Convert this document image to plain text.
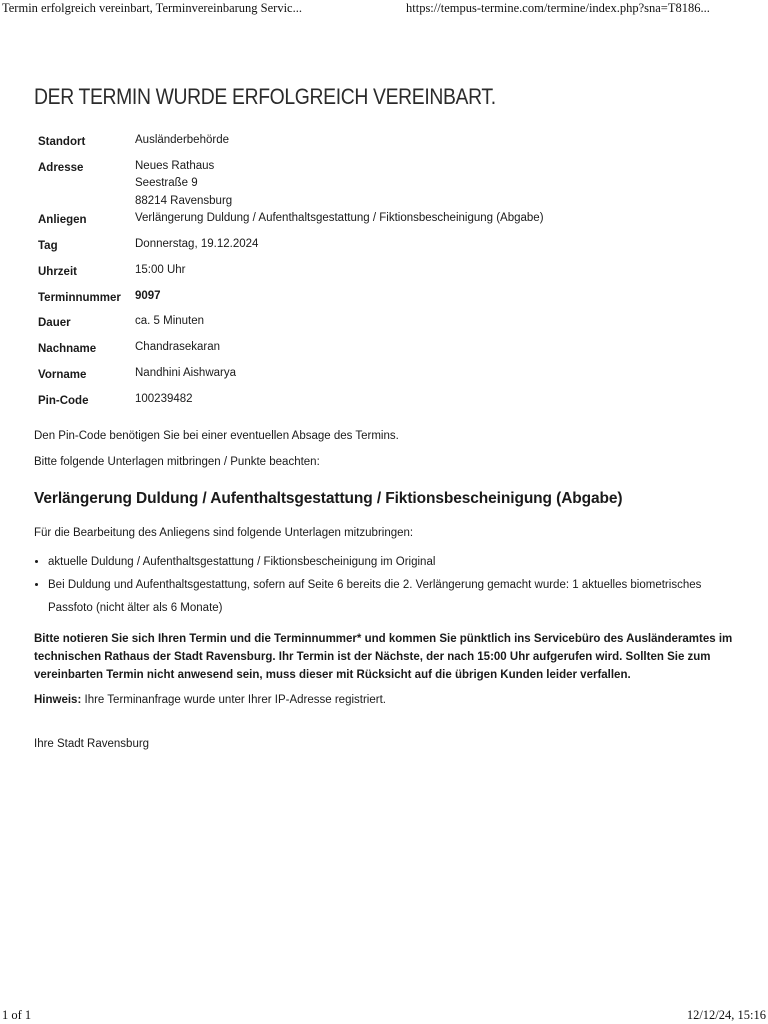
Termin erfolgreich vereinbart, Terminvereinbarung Servic...	https://tempus-termine.com/termine/index.php?sna=T8186...
DER TERMIN WURDE ERFOLGREICH VEREINBART.
Standort	Ausländerbehörde

Adresse	Neues Rathaus
Seestraße 9
88214 Ravensburg

Anliegen	Verlängerung Duldung / Aufenthaltsgestattung / Fiktionsbescheinigung (Abgabe)

Tag	Donnerstag, 19.12.2024

Uhrzeit	15:00 Uhr

Terminnummer	9097

Dauer	ca. 5 Minuten

Nachname	Chandrasekaran

Vorname	Nandhini Aishwarya

Pin-Code	100239482

Den Pin-Code benötigen Sie bei einer eventuellen Absage des Termins.

Bitte folgende Unterlagen mitbringen / Punkte beachten:

Verlängerung Duldung / Aufenthaltsgestattung / Fiktionsbescheinigung (Abgabe)

Für die Bearbeitung des Anliegens sind folgende Unterlagen mitzubringen:

• aktuelle Duldung / Aufenthaltsgestattung / Fiktionsbescheinigung im Original
• Bei Duldung und Aufenthaltsgestattung, sofern auf Seite 6 bereits die 2. Verlängerung gemacht wurde: 1 aktuelles biometrisches Passfoto (nicht älter als 6 Monate)

Bitte notieren Sie sich Ihren Termin und die Terminnummer* und kommen Sie pünktlich ins Servicebüro des Ausländeramtes im technischen Rathaus der Stadt Ravensburg. Ihr Termin ist der Nächste, der nach 15:00 Uhr aufgerufen wird. Sollten Sie zum vereinbarten Termin nicht anwesend sein, muss dieser mit Rücksicht auf die übrigen Kunden leider verfallen.

Hinweis: Ihre Terminanfrage wurde unter Ihrer IP-Adresse registriert.

Ihre Stadt Ravensburg

1 of 1	12/12/24, 15:16
